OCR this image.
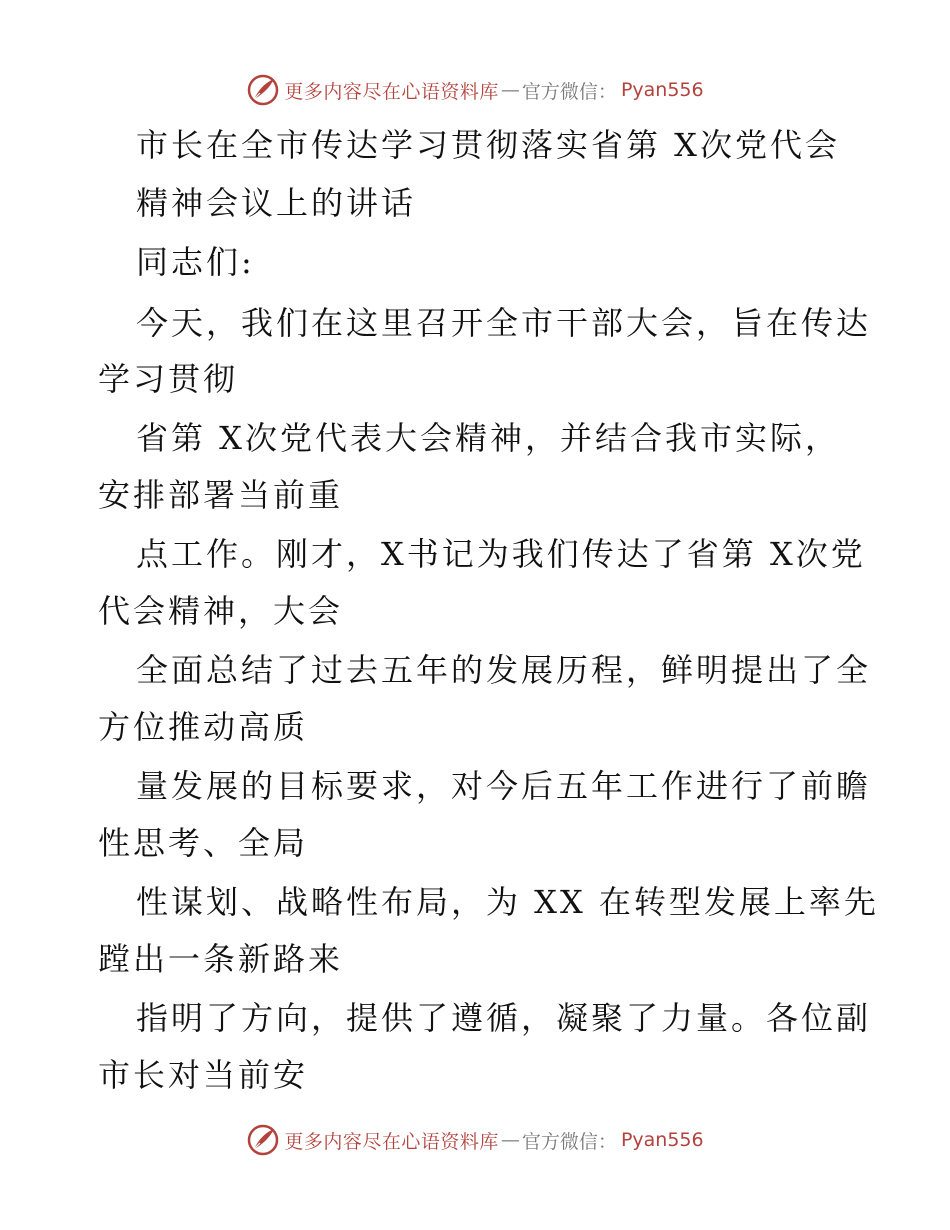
更多内容尽在心语资料库 — 官方微信： Pyan556
市长在全市传达学习贯彻落实省第 X次党代会
精神会议上的讲话
同志们:
今天，我们在这里召开全市干部大会，旨在传达
学习贯彻
省第 X次党代表大会精神，并结合我市实际，
安排部署当前重
点工作。刚才，X书记为我们传达了省第 X次党
代会精神，大会
全面总结了过去五年的发展历程，鲜明提出了全
方位推动高质
量发展的目标要求，对今后五年工作进行了前瞻
性思考、全局
性谋划、战略性布局，为 XX 在转型发展上率先
蹚出一条新路来
指明了方向，提供了遵循，凝聚了力量。各位副
市长对当前安
更多内容尽在心语资料库 — 官方微信： Pyan556
